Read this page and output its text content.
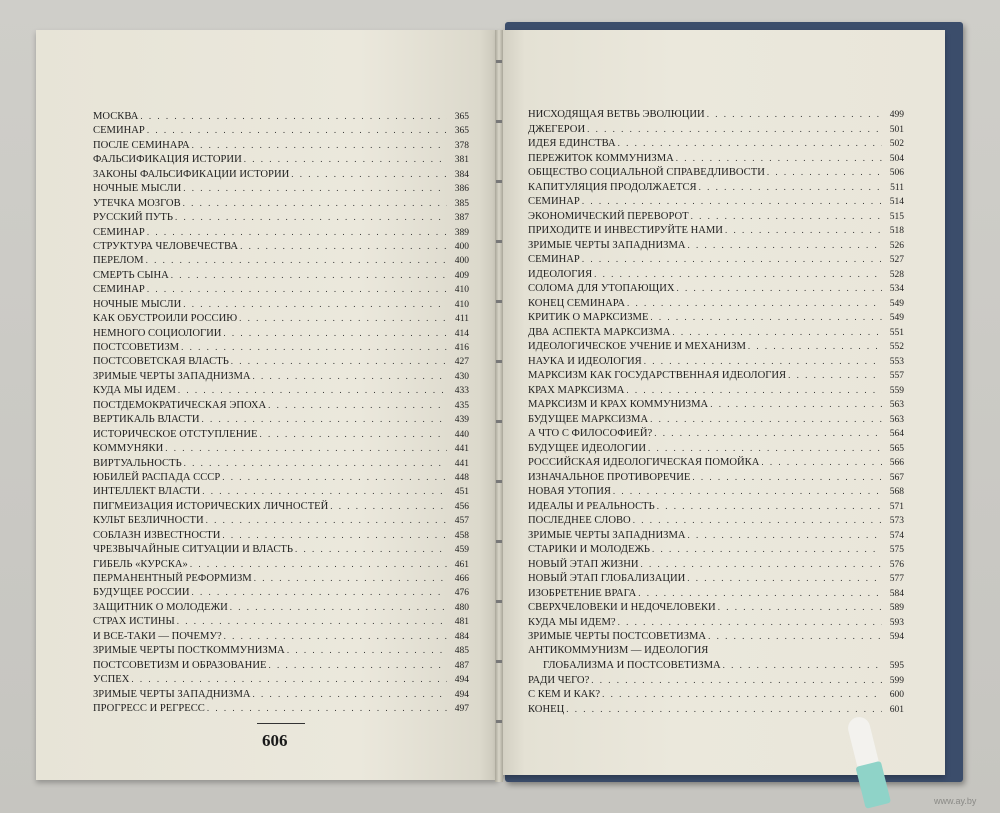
МОСКВА . . .	365
СЕМИНАР . . .	365
ПОСЛЕ СЕМИНАРА . . .	378
ФАЛЬСИФИКАЦИЯ ИСТОРИИ . . .	381
ЗАКОНЫ ФАЛЬСИФИКАЦИИ ИСТОРИИ . . .	384
НОЧНЫЕ МЫСЛИ . . .	386
УТЕЧКА МОЗГОВ . . .	385
РУССКИЙ ПУТЬ . . .	387
СЕМИНАР . . .	389
СТРУКТУРА ЧЕЛОВЕЧЕСТВА . . .	400
ПЕРЕЛОМ . . .	400
СМЕРТЬ СЫНА . . .	409
СЕМИНАР . . .	410
НОЧНЫЕ МЫСЛИ . . .	410
КАК ОБУСТРОИЛИ РОССИЮ . . .	411
НЕМНОГО СОЦИОЛОГИИ . . .	414
ПОСТСОВЕТИЗМ . . .	416
ПОСТСОВЕТСКАЯ ВЛАСТЬ . . .	427
ЗРИМЫЕ ЧЕРТЫ ЗАПАДНИЗМА . . .	430
КУДА МЫ ИДЕМ . . .	433
ПОСТДЕМОКРАТИЧЕСКАЯ ЭПОХА . . .	435
ВЕРТИКАЛЬ ВЛАСТИ . . .	439
ИСТОРИЧЕСКОЕ ОТСТУПЛЕНИЕ . . .	440
КОММУНЯКИ . . .	441
ВИРТУАЛЬНОСТЬ . . .	441
ЮБИЛЕЙ РАСПАДА СССР . . .	448
ИНТЕЛЛЕКТ ВЛАСТИ . . .	451
ПИГМЕИЗАЦИЯ ИСТОРИЧЕСКИХ ЛИЧНОСТЕЙ . . .	456
КУЛЬТ БЕЗЛИЧНОСТИ . . .	457
СОБЛАЗН ИЗВЕСТНОСТИ . . .	458
ЧРЕЗВЫЧАЙНЫЕ СИТУАЦИИ И ВЛАСТЬ . . .	459
ГИБЕЛЬ «КУРСКА» . . .	461
ПЕРМАНЕНТНЫЙ РЕФОРМИЗМ . . .	466
БУДУЩЕЕ РОССИИ . . .	476
ЗАЩИТНИК О МОЛОДЕЖИ . . .	480
СТРАХ ИСТИНЫ . . .	481
И ВСЕ-ТАКИ — ПОЧЕМУ? . . .	484
ЗРИМЫЕ ЧЕРТЫ ПОСТКОММУНИЗМА . . .	485
ПОСТСОВЕТИЗМ И ОБРАЗОВАНИЕ . . .	487
УСПЕХ . . .	494
ЗРИМЫЕ ЧЕРТЫ ЗАПАДНИЗМА . . .	494
ПРОГРЕСС И РЕГРЕСС . . .	497
НИСХОДЯЩАЯ ВЕТВЬ ЭВОЛЮЦИИ . . .	499
ДЖЕГЕРОИ . . .	501
ИДЕЯ ЕДИНСТВА . . .	502
ПЕРЕЖИТОК КОММУНИЗМА . . .	504
ОБЩЕСТВО СОЦИАЛЬНОЙ СПРАВЕДЛИВОСТИ . . .	506
КАПИТУЛЯЦИЯ ПРОДОЛЖАЕТСЯ . . .	511
СЕМИНАР . . .	514
ЭКОНОМИЧЕСКИЙ ПЕРЕВОРОТ . . .	515
ПРИХОДИТЕ И ИНВЕСТИРУЙТЕ НАМИ . . .	518
ЗРИМЫЕ ЧЕРТЫ ЗАПАДНИЗМА . . .	526
СЕМИНАР . . .	527
ИДЕОЛОГИЯ . . .	528
СОЛОМА ДЛЯ УТОПАЮЩИХ . . .	534
КОНЕЦ СЕМИНАРА . . .	549
КРИТИК О МАРКСИЗМЕ . . .	549
ДВА АСПЕКТА МАРКСИЗМА . . .	551
ИДЕОЛОГИЧЕСКОЕ УЧЕНИЕ И МЕХАНИЗМ . . .	552
НАУКА И ИДЕОЛОГИЯ . . .	553
МАРКСИЗМ КАК ГОСУДАРСТВЕННАЯ ИДЕОЛОГИЯ . . .	557
КРАХ МАРКСИЗМА . . .	559
МАРКСИЗМ И КРАХ КОММУНИЗМА . . .	563
БУДУЩЕЕ МАРКСИЗМА . . .	563
А ЧТО С ФИЛОСОФИЕЙ? . . .	564
БУДУЩЕЕ ИДЕОЛОГИИ . . .	565
РОССИЙСКАЯ ИДЕОЛОГИЧЕСКАЯ ПОМОЙКА . . .	566
ИЗНАЧАЛЬНОЕ ПРОТИВОРЕЧИЕ . . .	567
НОВАЯ УТОПИЯ . . .	568
ИДЕАЛЫ И РЕАЛЬНОСТЬ . . .	571
ПОСЛЕДНЕЕ СЛОВО . . .	573
ЗРИМЫЕ ЧЕРТЫ ЗАПАДНИЗМА . . .	574
СТАРИКИ И МОЛОДЕЖЬ . . .	575
НОВЫЙ ЭТАП ЖИЗНИ . . .	576
НОВЫЙ ЭТАП ГЛОБАЛИЗАЦИИ . . .	577
ИЗОБРЕТЕНИЕ ВРАГА . . .	584
СВЕРХЧЕЛОВЕКИ И НЕДОЧЕЛОВЕКИ . . .	589
КУДА МЫ ИДЕМ? . . .	593
ЗРИМЫЕ ЧЕРТЫ ПОСТСОВЕТИЗМА . . .	594
АНТИКОММУНИЗМ — ИДЕОЛОГИЯ
ГЛОБАЛИЗМА И ПОСТСОВЕТИЗМА . . .	595
РАДИ ЧЕГО? . . .	599
С КЕМ И КАК? . . .	600
КОНЕЦ . . .	601
606
www.ay.by
